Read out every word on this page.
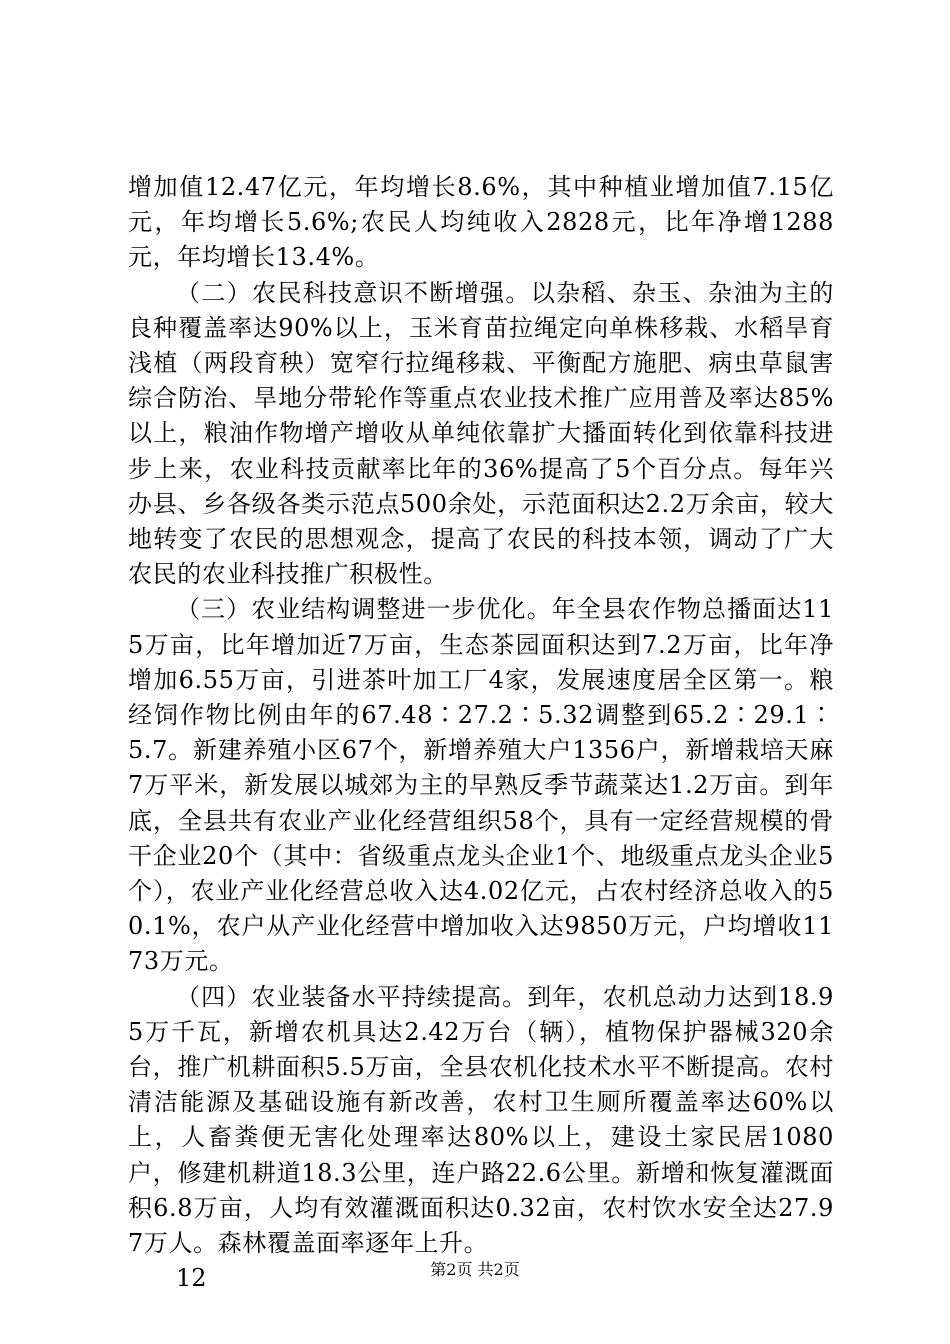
增加值12.47亿元，年均增长8.6%，其中种植业增加值7.15亿元，年均增长5.6%;农民人均纯收入2828元，比年净增1288元，年均增长13.4%。

（二）农民科技意识不断增强。以杂稻、杂玉、杂油为主的良种覆盖率达90%以上，玉米育苗拉绳定向单株移栽、水稻旱育浅植（两段育秧）宽窄行拉绳移栽、平衡配方施肥、病虫草鼠害综合防治、旱地分带轮作等重点农业技术推广应用普及率达85%以上，粮油作物增产增收从单纯依靠扩大播面转化到依靠科技进步上来，农业科技贡献率比年的36%提高了5个百分点。每年兴办县、乡各级各类示范点500余处，示范面积达2.2万余亩，较大地转变了农民的思想观念，提高了农民的科技本领，调动了广大农民的农业科技推广积极性。

（三）农业结构调整进一步优化。年全县农作物总播面达115万亩，比年增加近7万亩，生态茶园面积达到7.2万亩，比年净增加6.55万亩，引进茶叶加工厂4家，发展速度居全区第一。粮经饲作物比例由年的67.48∶27.2∶5.32调整到65.2∶29.1∶5.7。新建养殖小区67个，新增养殖大户1356户，新增栽培天麻7万平米，新发展以城郊为主的早熟反季节蔬菜达1.2万亩。到年底，全县共有农业产业化经营组织58个，具有一定经营规模的骨干企业20个（其中：省级重点龙头企业1个、地级重点龙头企业5个），农业产业化经营总收入达4.02亿元，占农村经济总收入的50.1%，农户从产业化经营中增加收入达9850万元，户均增收1173万元。

（四）农业装备水平持续提高。到年，农机总动力达到18.95万千瓦，新增农机具达2.42万台（辆），植物保护器械320余台，推广机耕面积5.5万亩，全县农机化技术水平不断提高。农村清洁能源及基础设施有新改善，农村卫生厕所覆盖率达60%以上，人畜粪便无害化处理率达80%以上，建设土家民居1080户，修建机耕道18.3公里，连户路22.6公里。新增和恢复灌溉面积6.8万亩，人均有效灌溉面积达0.32亩，农村饮水安全达27.97万人。森林覆盖面率逐年上升。

12	第2页 共2页
